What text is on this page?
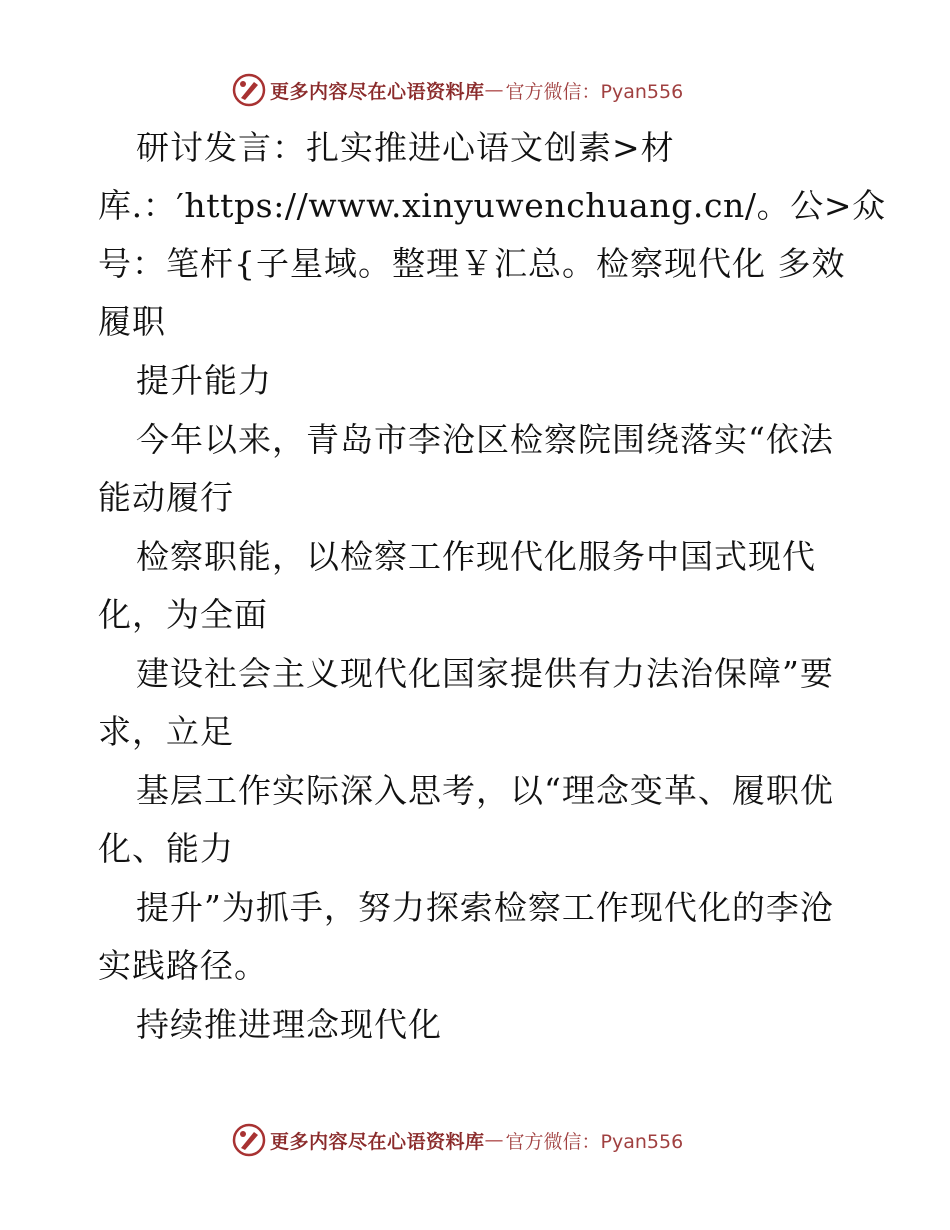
更多内容尽在心语资料库 — 官方微信：Pyan556
研讨发言：扎实推进心语文创素>材
库.：′https://www.xinyuwenchuang.cn/。公>众
号：笔杆{子星域。整理￥汇总。检察现代化 多效
履职
提升能力
今年以来，青岛市李沧区检察院围绕落实“依法
能动履行
检察职能，以检察工作现代化服务中国式现代
化，为全面
建设社会主义现代化国家提供有力法治保障”要
求，立足
基层工作实际深入思考，以“理念变革、履职优
化、能力
提升”为抓手，努力探索检察工作现代化的李沧
实践路径。
持续推进理念现代化
更多内容尽在心语资料库 — 官方微信：Pyan556
